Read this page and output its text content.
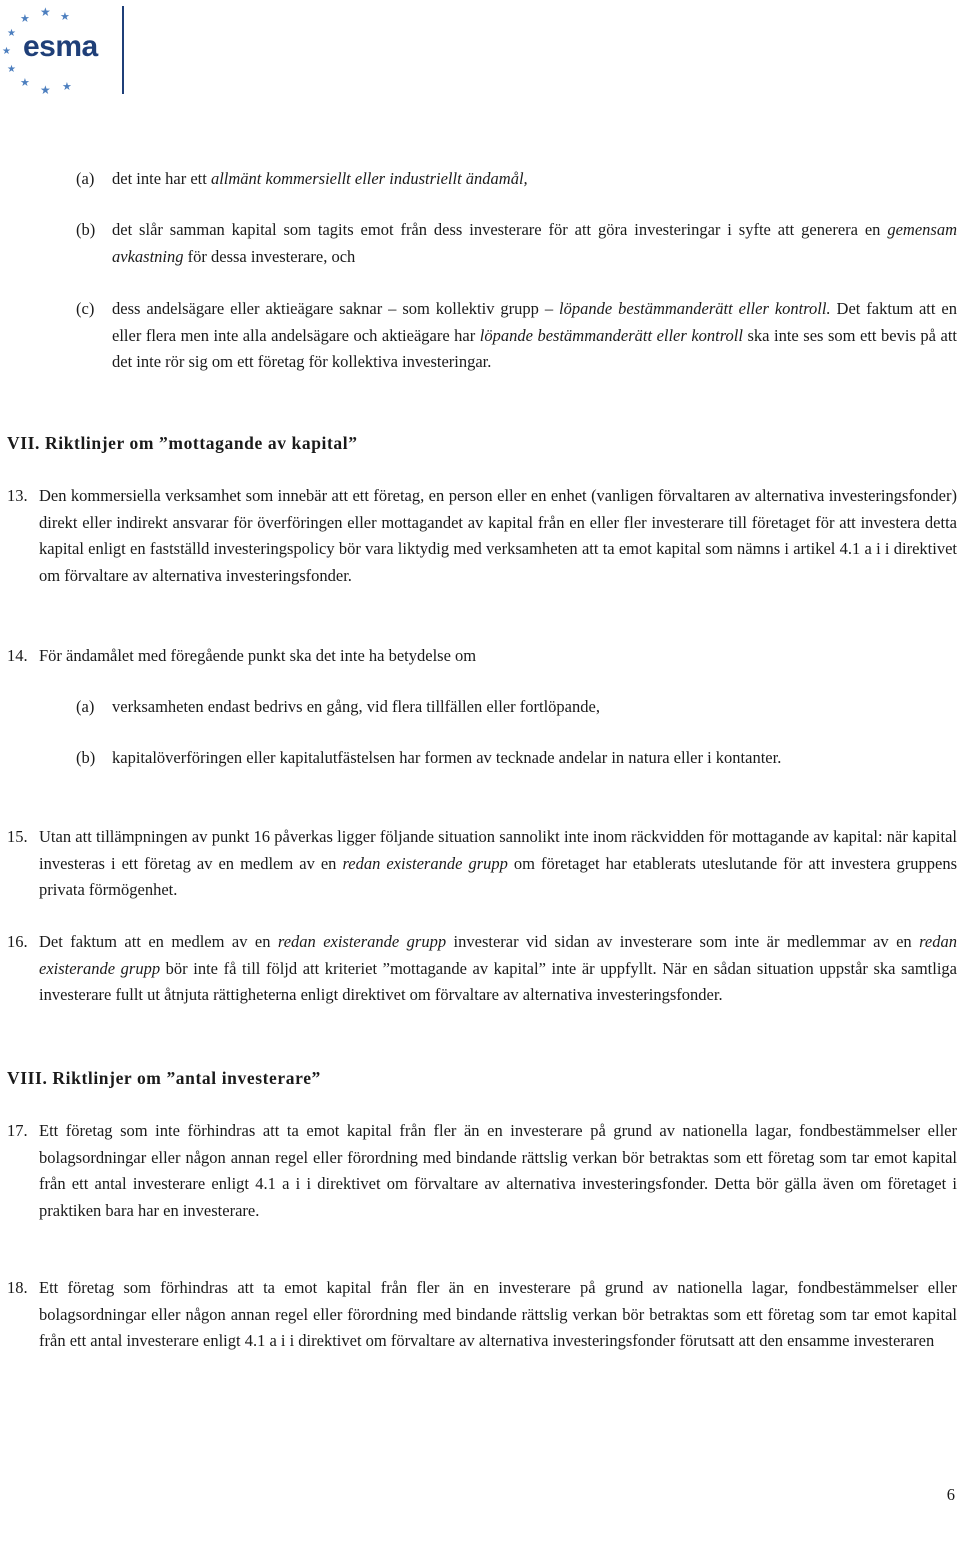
★
★
★
★
★
★
★ ★
★
esma
(a) det inte har ett allmänt kommersiellt eller industriellt ändamål,
(b) det slår samman kapital som tagits emot från dess investerare för att göra investeringar i syfte att generera en gemensam avkastning för dessa investerare, och
(c) dess andelsägare eller aktieägare saknar – som kollektiv grupp – löpande bestämmanderätt eller kontroll. Det faktum att en eller flera men inte alla andelsägare och aktieägare har löpande bestämmanderätt eller kontroll ska inte ses som ett bevis på att det inte rör sig om ett företag för kollektiva investeringar.
VII. Riktlinjer om ”mottagande av kapital”
13. Den kommersiella verksamhet som innebär att ett företag, en person eller en enhet (vanligen förvaltaren av alternativa investeringsfonder) direkt eller indirekt ansvarar för överföringen eller mottagandet av kapital från en eller fler investerare till företaget för att investera detta kapital enligt en fastställd investeringspolicy bör vara liktydig med verksamheten att ta emot kapital som nämns i artikel 4.1 a i i direktivet om förvaltare av alternativa investeringsfonder.
14. För ändamålet med föregående punkt ska det inte ha betydelse om
(a) verksamheten endast bedrivs en gång, vid flera tillfällen eller fortlöpande,
(b) kapitalöverföringen eller kapitalutfästelsen har formen av tecknade andelar in natura eller i kontanter.
15. Utan att tillämpningen av punkt 16 påverkas ligger följande situation sannolikt inte inom räckvidden för mottagande av kapital: när kapital investeras i ett företag av en medlem av en redan existerande grupp om företaget har etablerats uteslutande för att investera gruppens privata förmögenhet.
16. Det faktum att en medlem av en redan existerande grupp investerar vid sidan av investerare som inte är medlemmar av en redan existerande grupp bör inte få till följd att kriteriet ”mottagande av kapital” inte är uppfyllt. När en sådan situation uppstår ska samtliga investerare fullt ut åtnjuta rättigheterna enligt direktivet om förvaltare av alternativa investeringsfonder.
VIII. Riktlinjer om ”antal investerare”
17. Ett företag som inte förhindras att ta emot kapital från fler än en investerare på grund av nationella lagar, fondbestämmelser eller bolagsordningar eller någon annan regel eller förordning med bindande rättslig verkan bör betraktas som ett företag som tar emot kapital från ett antal investerare enligt 4.1 a i i direktivet om förvaltare av alternativa investeringsfonder. Detta bör gälla även om företaget i praktiken bara har en investerare.
18. Ett företag som förhindras att ta emot kapital från fler än en investerare på grund av nationella lagar, fondbestämmelser eller bolagsordningar eller någon annan regel eller förordning med bindande rättslig verkan bör betraktas som ett företag som tar emot kapital från ett antal investerare enligt 4.1 a i i direktivet om förvaltare av alternativa investeringsfonder förutsatt att den ensamme investeraren
6
